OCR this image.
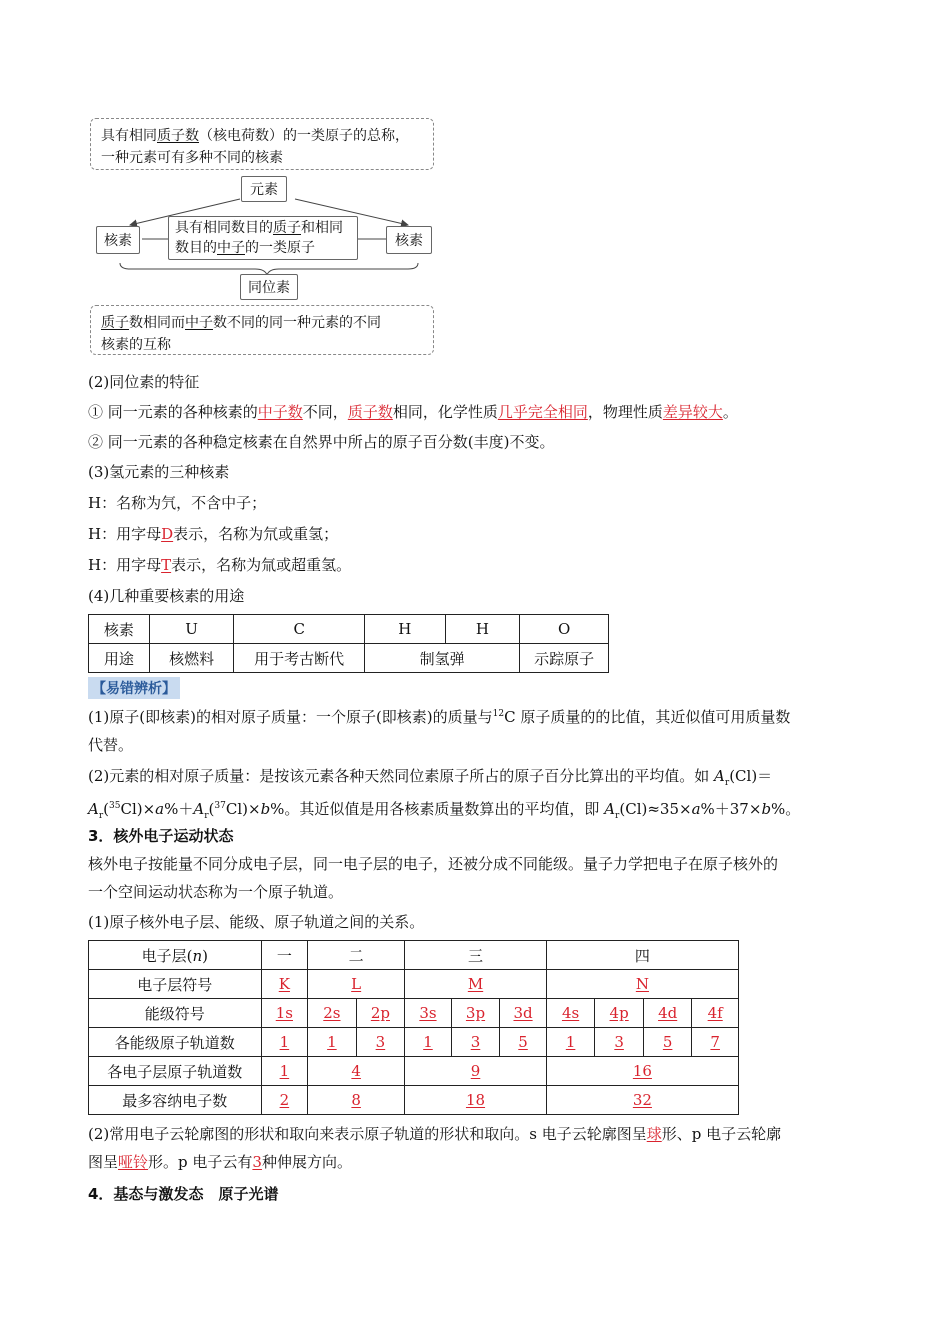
具有相同质子数（核电荷数）的一类原子的总称，
一种元素可有多种不同的核素
元素
核素	核素
具有相同数目的质子和相同
数目的中子的一类原子
同位素
质子数相同而中子数不同的同一种元素的不同
核素的互称
(2)同位素的特征
① 同一元素的各种核素的中子数不同，质子数相同，化学性质几乎完全相同，物理性质差异较大。
② 同一元素的各种稳定核素在自然界中所占的原子百分数(丰度)不变。
(3)氢元素的三种核素
H：名称为氕，不含中子；
H：用字母D表示，名称为氘或重氢；
H：用字母T表示，名称为氚或超重氢。
(4)几种重要核素的用途
核素	U	C	H	H	O
用途	核燃料	用于考古断代	制氢弹		示踪原子
【易错辨析】
(1)原子(即核素)的相对原子质量：一个原子(即核素)的质量与$^{12}$C 原子质量的的比值，其近似值可用质量数
代替。
(2)元素的相对原子质量：是按该元素各种天然同位素原子所占的原子百分比算出的平均值。如 $A_r(Cl)=$
$A_r(^{35}Cl)\times a\%+A_r(^{37}Cl)\times b\%$。其近似值是用各核素质量数算出的平均值，即 $A_r(Cl)\approx 35\times a\%+37\times b\%$。
3．核外电子运动状态
核外电子按能量不同分成电子层，同一电子层的电子，还被分成不同能级。量子力学把电子在原子核外的
一个空间运动状态称为一个原子轨道。
(1)原子核外电子层、能级、原子轨道之间的关系。
电子层(n)	一	二		三			四			
电子层符号	K	L		M			N			
能级符号	1s	2s	2p	3s	3p	3d	4s	4p	4d	4f
各能级原子轨道数	1	1	3	1	3	5	1	3	5	7
各电子层原子轨道数	1	4		9			16			
最多容纳电子数	2	8		18			32			
(2)常用电子云轮廓图的形状和取向来表示原子轨道的形状和取向。s 电子云轮廓图呈球形、p 电子云轮廓
图呈哑铃形。p 电子云有3种伸展方向。
4．基态与激发态　原子光谱
